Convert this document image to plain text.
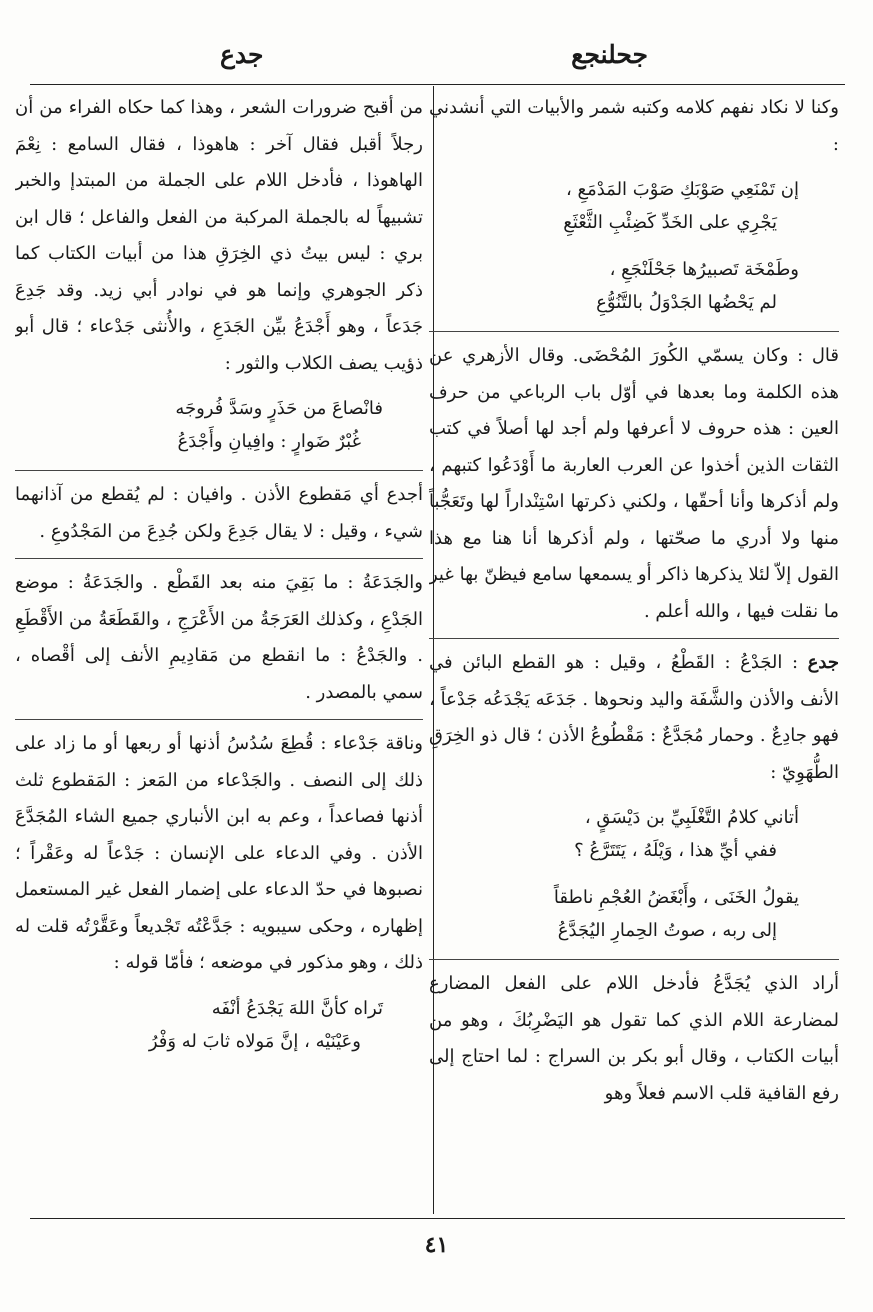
جحلنجع
جدع

وكنا لا نكاد نفهم كلامه وكتبه شمر والأبيات التي أنشدني :

إن تَمْنَعِي صَوْبَكِ صَوْبَ المَدْمَعِ ،
يَجْرِي على الخَدِّ كَضِئْبِ الثَّعْثَعِ
وطَمْخَة تَصبيرُها جَحْلَنْجَعِ ،
لم يَحْضُها الجَدْوَلُ بالتَّنُوُّعِ

قال : وكان يسمّي الكُورَ المُحْضَى. وقال الأزهري عن هذه الكلمة وما بعدها في أوّل باب الرباعي من حرف العين : هذه حروف لا أعرفها ولم أجد لها أصلاً في كتب الثقات الذين أخذوا عن العرب العاربة ما أَوْدَعُوا كتبهم ، ولم أذكرها وأنا أحقّها ، ولكني ذكرتها اسْتِنْداراً لها وتَعَجُّباً منها ولا أدري ما صحّتها ، ولم أذكرها أنا هنا مع هذا القول إلاّ لئلا يذكرها ذاكر أو يسمعها سامع فيظنّ بها غير ما نقلت فيها ، والله أعلم .

جدع : الجَدْعُ : القَطْعُ ، وقيل : هو القطع البائن في الأنف والأذن والشَّفَة واليد ونحوها . جَدَعَه يَجْدَعُه جَدْعاً ، فهو جادِعٌ . وحمار مُجَدَّعٌ : مَقْطُوعُ الأذن ؛ قال ذو الخِرَقِ الطُّهَوِيّ :

أتاني كلامُ التَّغْلَبِيِّ بن دَيْسَقٍ ،
ففي أيِّ هذا ، وَيْلَهُ ، يَتَتَرَّعُ ؟
يقولُ الخَنَى ، وأَبْغَضُ العُجْمِ ناطقاً
إلى ربه ، صوتُ الحِمارِ اليُجَدَّعُ

أراد الذي يُجَدَّعُ فأدخل اللام على الفعل المضارع لمضارعة اللام الذي كما تقول هو اليَضْرِبُكَ ، وهو من أبيات الكتاب ، وقال أبو بكر بن السراج : لما احتاج إلى رفع القافية قلب الاسم فعلاً وهو

من أقبح ضرورات الشعر ، وهذا كما حكاه الفراء من أن رجلاً أقبل فقال آخر : هاهوذا ، فقال السامع : نِعْمَ الهاهوذا ، فأدخل اللام على الجملة من المبتدإ والخبر تشبيهاً له بالجملة المركبة من الفعل والفاعل ؛ قال ابن بري : ليس بيتُ ذي الخِرَقِ هذا من أبيات الكتاب كما ذكر الجوهري وإنما هو في نوادر أبي زيد. وقد جَدِعَ جَدَعاً ، وهو أَجْدَعُ بيِّن الجَدَعِ ، والأُنثى جَدْعاء ؛ قال أبو ذؤيب يصف الكلاب والثور :

فانْصاعَ من حَذَرٍ وسَدَّ فُروجَه
غُبْرٌ ضَوارٍ : وافِيانِ وأَجْدَعُ

أجدع أي مَقطوع الأذن . وافيان : لم يُقطع من آذانهما شيء ، وقيل : لا يقال جَدِعَ ولكن جُدِعَ من المَجْدُوعِ .

والجَدَعَةُ : ما بَقِيَ منه بعد القَطْع . والجَدَعَةُ : موضع الجَدْعِ ، وكذلك العَرَجَةُ من الأَعْرَجِ ، والقَطَعَةُ من الأَقْطَعِ . والجَدْعُ : ما انقطع من مَقادِيمِ الأنف إلى أقْصاه ، سمي بالمصدر .

وناقة جَدْعاء : قُطِعَ سُدُسُ أذنها أو ربعها أو ما زاد على ذلك إلى النصف . والجَدْعاء من المَعز : المَقطوع ثلث أذنها فصاعداً ، وعم به ابن الأنباري جميع الشاء المُجَدَّعَ الأذن . وفي الدعاء على الإنسان : جَدْعاً له وعَقْراً ؛ نصبوها في حدّ الدعاء على إضمار الفعل غير المستعمل إظهاره ، وحكى سيبويه : جَدَّعْتُه تَجْديعاً وعَقَّرْتُه قلت له ذلك ، وهو مذكور في موضعه ؛ فأمّا قوله :

تَراه كأنَّ اللهَ يَجْدَعُ أنْفَه
وعَيْنَيْه ، إنَّ مَولاه ثابَ له وَفْرُ
٤١
